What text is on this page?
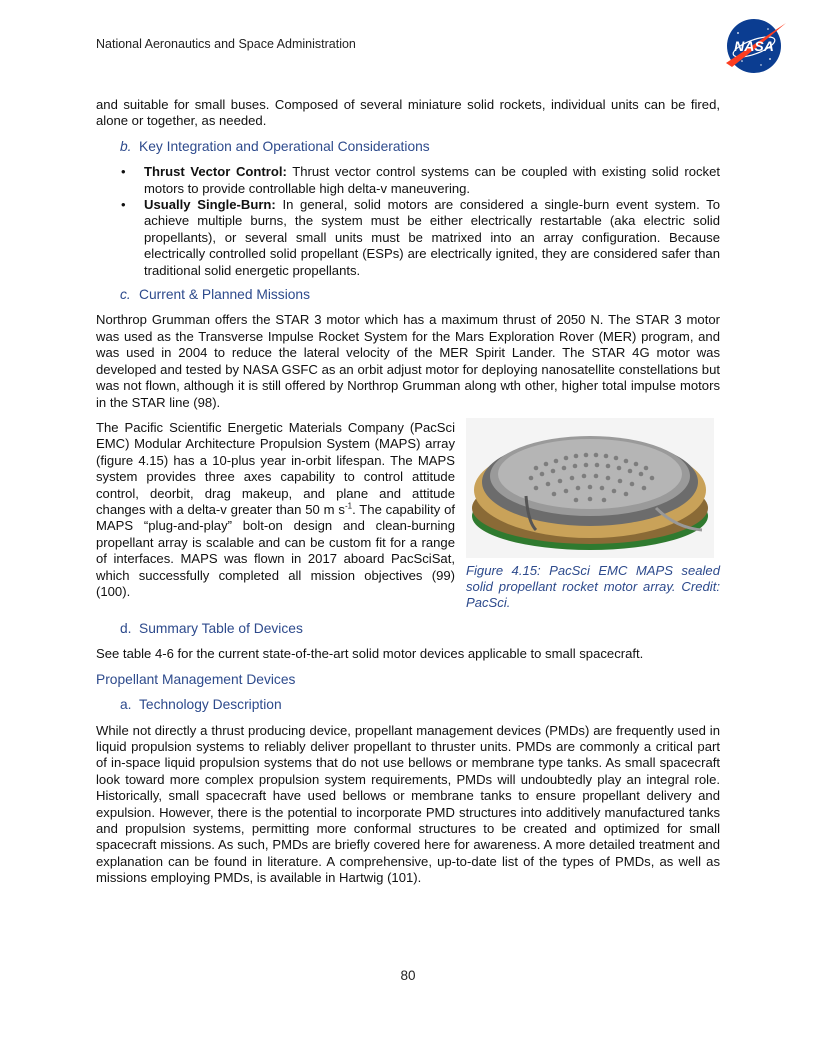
National Aeronautics and Space Administration	NASA

and suitable for small buses. Composed of several miniature solid rockets, individual units can be fired, alone or together, as needed.

b. Key Integration and Operational Considerations
• Thrust Vector Control: Thrust vector control systems can be coupled with existing solid rocket motors to provide controllable high delta-v maneuvering.
• Usually Single-Burn: In general, solid motors are considered a single-burn event system. To achieve multiple burns, the system must be either electrically restartable (aka electric solid propellants), or several small units must be matrixed into an array configuration. Because electrically controlled solid propellant (ESPs) are electrically ignited, they are considered safer than traditional solid energetic propellants.
c. Current & Planned Missions

Northrop Grumman offers the STAR 3 motor which has a maximum thrust of 2050 N. The STAR 3 motor was used as the Transverse Impulse Rocket System for the Mars Exploration Rover (MER) program, and was used in 2004 to reduce the lateral velocity of the MER Spirit Lander. The STAR 4G motor was developed and tested by NASA GSFC as an orbit adjust motor for deploying nanosatellite constellations but was not flown, although it is still offered by Northrop Grumman along wth other, higher total impulse motors in the STAR line (98).

Figure 4.15: PacSci EMC MAPS sealed solid propellant rocket motor array. Credit: PacSci.

The Pacific Scientific Energetic Materials Company (PacSci EMC) Modular Architecture Propulsion System (MAPS) array (figure 4.15) has a 10-plus year in-orbit lifespan. The MAPS system provides three axes capability to control attitude control, deorbit, drag makeup, and plane and attitude changes with a delta-v greater than 50 m $s^{-1}$. The capability of MAPS “plug-and-play” bolt-on design and clean-burning propellant array is scalable and can be custom fit for a range of interfaces. MAPS was flown in 2017 aboard PacSciSat, which successfully completed all mission objectives (99) (100).

d. Summary Table of Devices

See table 4-6 for the current state-of-the-art solid motor devices applicable to small spacecraft.

Propellant Management Devices
a. Technology Description

While not directly a thrust producing device, propellant management devices (PMDs) are frequently used in liquid propulsion systems to reliably deliver propellant to thruster units. PMDs are commonly a critical part of in-space liquid propulsion systems that do not use bellows or membrane type tanks. As small spacecraft look toward more complex propulsion system requirements, PMDs will undoubtedly play an integral role. Historically, small spacecraft have used bellows or membrane tanks to ensure propellant delivery and expulsion. However, there is the potential to incorporate PMD structures into additively manufactured tanks and propulsion systems, permitting more conformal structures to be created and optimized for small spacecraft missions. As such, PMDs are briefly covered here for awareness. A more detailed treatment and explanation can be found in literature. A comprehensive, up-to-date list of the types of PMDs, as well as missions employing PMDs, is available in Hartwig (101).

80
